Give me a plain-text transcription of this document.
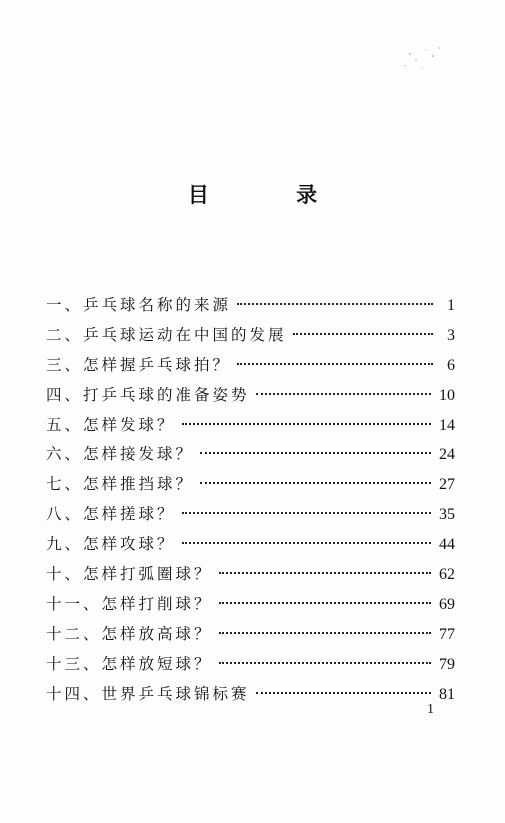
目 录
一、乒乓球名称的来源	1
二、乒乓球运动在中国的发展	3
三、怎样握乒乓球拍？	6
四、打乒乓球的准备姿势	10
五、怎样发球？	14
六、怎样接发球？	24
七、怎样推挡球？	27
八、怎样搓球？	35
九、怎样攻球？	44
十、怎样打弧圈球？	62
十一、怎样打削球？	69
十二、怎样放高球？	77
十三、怎样放短球？	79
十四、世界乒乓球锦标赛	81
1
